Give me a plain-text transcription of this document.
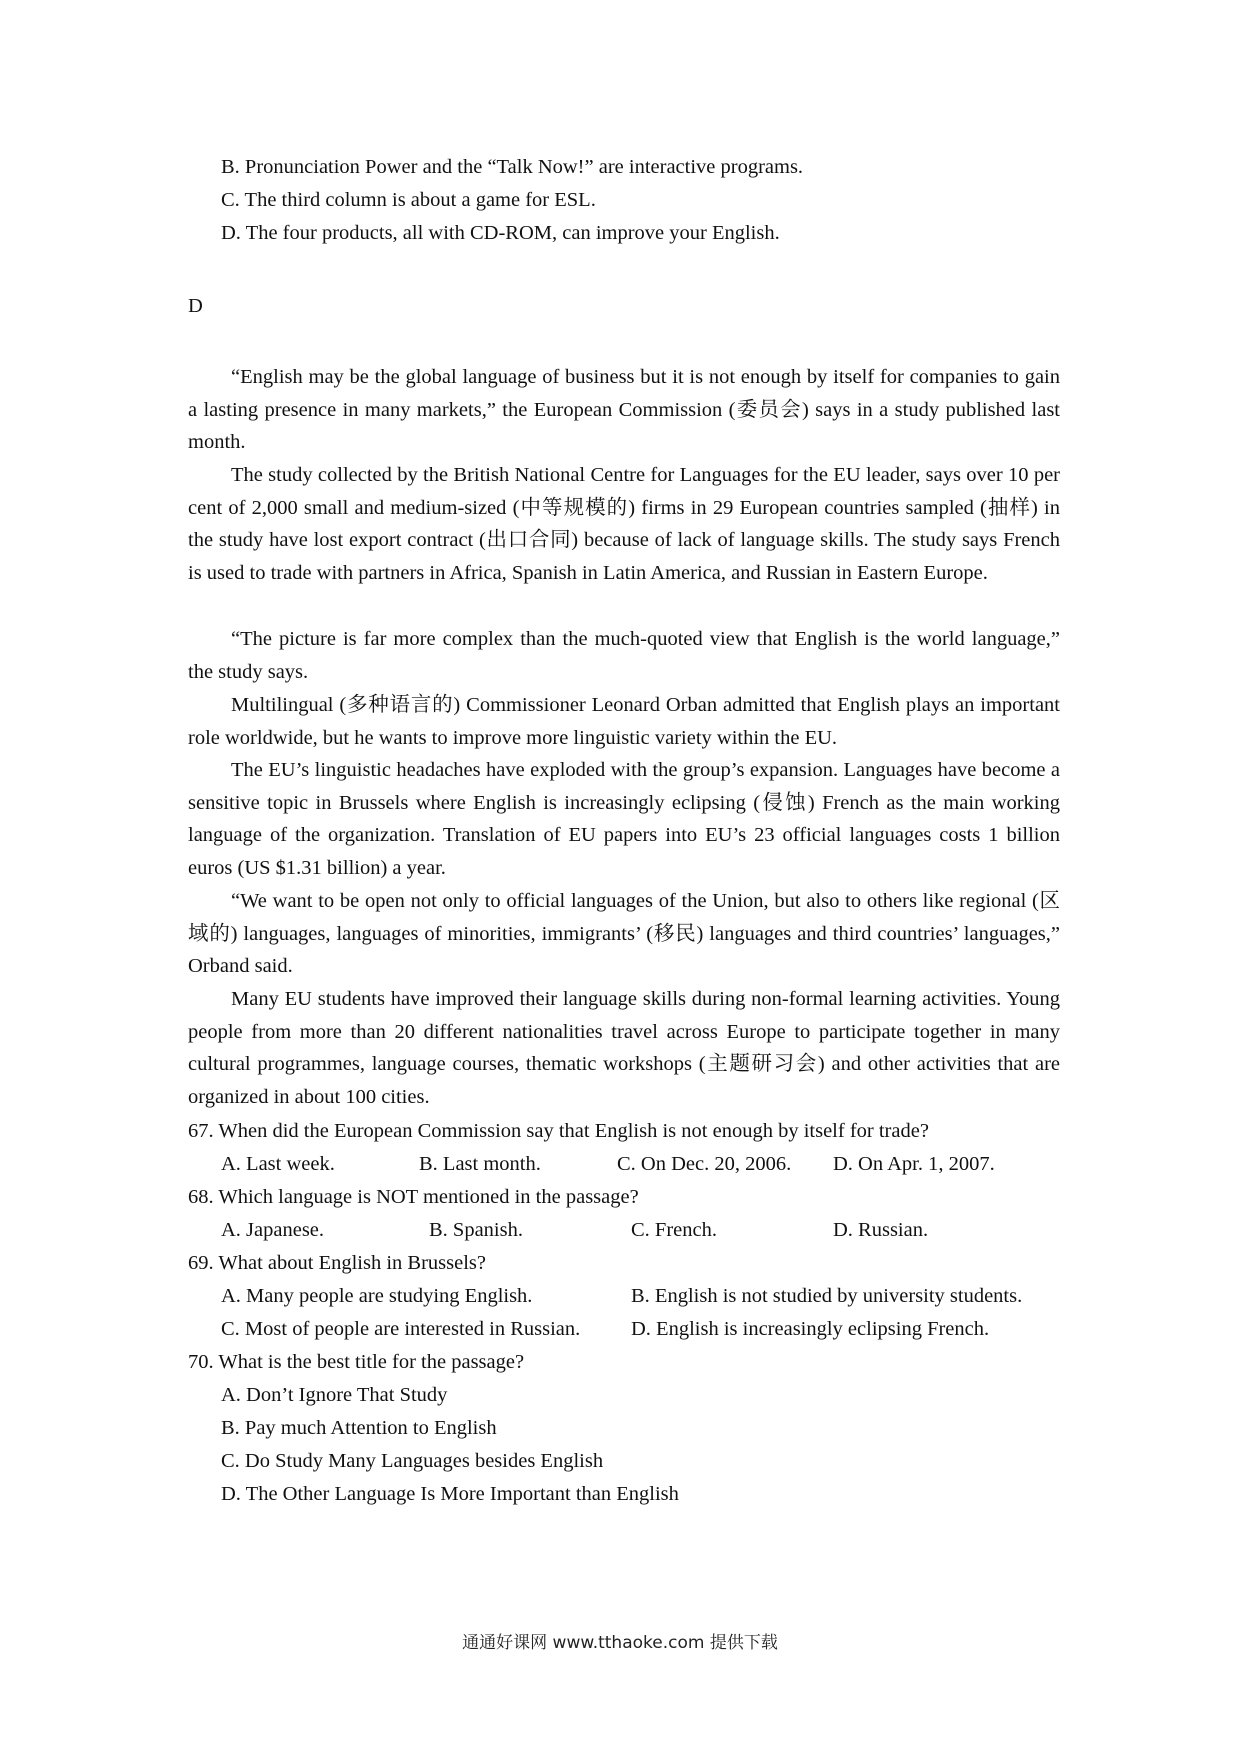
B. Pronunciation Power and the “Talk Now!” are interactive programs.
C. The third column is about a game for ESL.
D. The four products, all with CD-ROM, can improve your English.
D

“English may be the global language of business but it is not enough by itself for companies to gain a lasting presence in many markets,” the European Commission (委员会) says in a study published last month.

The study collected by the British National Centre for Languages for the EU leader, says over 10 per cent of 2,000 small and medium-sized (中等规模的) firms in 29 European countries sampled (抽样) in the study have lost export contract (出口合同) because of lack of language skills. The study says French is used to trade with partners in Africa, Spanish in Latin America, and Russian in Eastern Europe.

“The picture is far more complex than the much-quoted view that English is the world language,” the study says.

Multilingual (多种语言的) Commissioner Leonard Orban admitted that English plays an important role worldwide, but he wants to improve more linguistic variety within the EU.

The EU’s linguistic headaches have exploded with the group’s expansion. Languages have become a sensitive topic in Brussels where English is increasingly eclipsing (侵蚀) French as the main working language of the organization. Translation of EU papers into EU’s 23 official languages costs 1 billion euros (US $1.31 billion) a year.

“We want to be open not only to official languages of the Union, but also to others like regional (区域的) languages, languages of minorities, immigrants’ (移民) languages and third countries’ languages,” Orband said.

Many EU students have improved their language skills during non-formal learning activities. Young people from more than 20 different nationalities travel across Europe to participate together in many cultural programmes, language courses, thematic workshops (主题研习会) and other activities that are organized in about 100 cities.

67. When did the European Commission say that English is not enough by itself for trade?
A. Last week.	B. Last month.	C. On Dec. 20, 2006. D. On Apr. 1, 2007.
68. Which language is NOT mentioned in the passage?
A. Japanese.	B. Spanish.	C. French.	D. Russian.
69. What about English in Brussels?
A. Many people are studying English.	B. English is not studied by university students.
C. Most of people are interested in Russian. D. English is increasingly eclipsing French.
70. What is the best title for the passage?
A. Don’t Ignore That Study
B. Pay much Attention to English
C. Do Study Many Languages besides English
D. The Other Language Is More Important than English
通通好课网 www.tthaoke.com 提供下载
